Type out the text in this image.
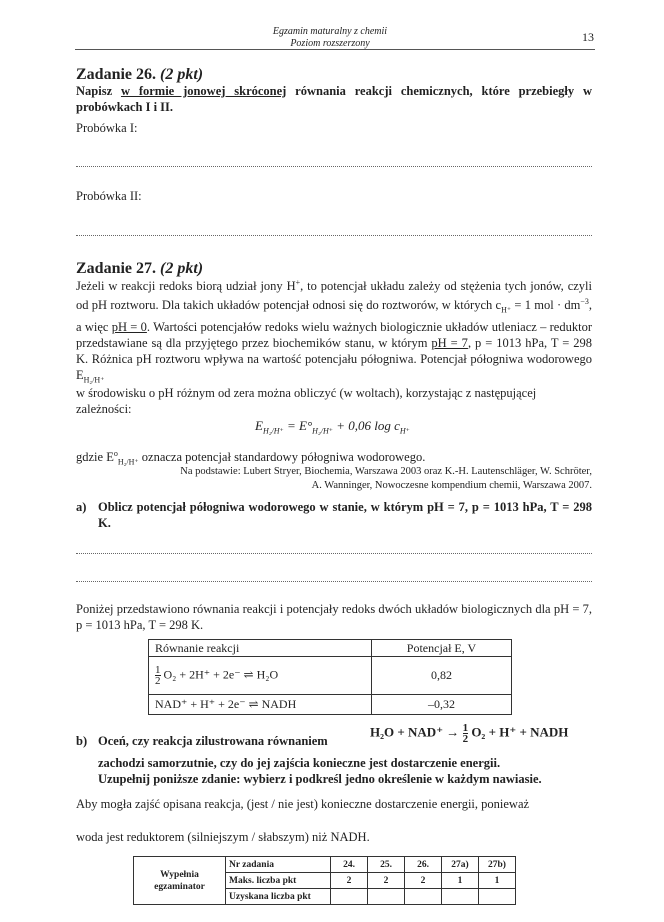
Egzamin maturalny z chemii
Poziom rozszerzony	13
Zadanie 26. (2 pkt)
Napisz w formie jonowej skróconej równania reakcji chemicznych, które przebiegły w probówkach I i II.
Probówka I:
Probówka II:
Zadanie 27. (2 pkt)
Jeżeli w reakcji redoks biorą udział jony H+, to potencjał układu zależy od stężenia tych jonów, czyli od pH roztworu. Dla takich układów potencjał odnosi się do roztworów, w których $c_{H^+} = 1$ mol · $dm^{-3}$, a więc pH = 0. Wartości potencjałów redoks wielu ważnych biologicznie układów utleniacz – reduktor przedstawiane są dla przyjętego przez biochemików stanu, w którym pH = 7, p = 1013 hPa, T = 298 K. Różnica pH roztworu wpływa na wartość potencjału półogniwa. Potencjał półogniwa wodorowego $E_{H_2/H^+}$
w środowisku o pH różnym od zera można obliczyć (w woltach), korzystając z następującej zależności:
$E_{H_2/H^+} = E^\circ_{H_2/H^+} + 0,06$ $\log c_{H^+}$
gdzie $E^o_{H_2/H^+}$ oznacza potencjał standardowy półogniwa wodorowego.
Na podstawie: Lubert Stryer, Biochemia, Warszawa 2003 oraz K.-H. Lautenschläger, W. Schröter,
A. Wanninger, Nowoczesne kompendium chemii, Warszawa 2007.
a) Oblicz potencjał półogniwa wodorowego w stanie, w którym pH = 7, p = 1013 hPa, T = 298 K.
Poniżej przedstawiono równania reakcji i potencjały redoks dwóch układów biologicznych dla pH = 7, p = 1013 hPa, T = 298 K.
Równanie reakcji	Potencjał E, V

$\frac{1}{2} O_2 + 2H^+ + 2e^-$ ⇌ H₂O	0,82
NAD⁺ + H⁺ + 2e⁻ ⇌ NADH	–0,32
b) Oceń, czy reakcja zilustrowana równaniem
$H_2O + NAD^+ \to \frac{1}{2} O_2 + H^+$ + NADH
zachodzi samorzutnie, czy do jej zajścia konieczne jest dostarczenie energii.
Uzupełnij poniższe zdanie: wybierz i podkreśl jedno określenie w każdym nawiasie.
Aby mogła zajść opisana reakcja, (jest / nie jest) konieczne dostarczenie energii, ponieważ
woda jest reduktorem (silniejszym / słabszym) niż NADH.
Wypełnia egzaminator	Nr zadania	24.	25.	26.	27a)	27b)
	Maks. liczba pkt	2	2	2	1	1
	Uzyskana liczba pkt					
